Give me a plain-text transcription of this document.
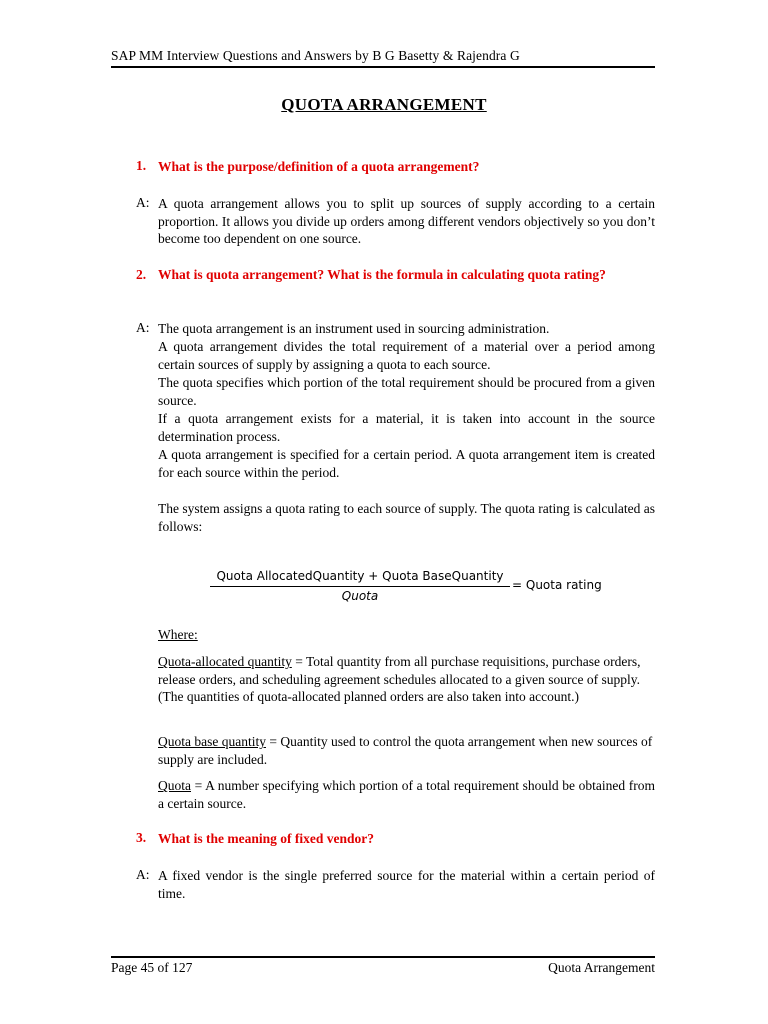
SAP MM Interview Questions and Answers by B G Basetty & Rajendra G
QUOTA ARRANGEMENT
1. What is the purpose/definition of a quota arrangement?
A: A quota arrangement allows you to split up sources of supply according to a certain proportion. It allows you divide up orders among different vendors objectively so you don’t become too dependent on one source.

2. What is quota arrangement? What is the formula in calculating quota rating?
A: The quota arrangement is an instrument used in sourcing administration.

A quota arrangement divides the total requirement of a material over a period among certain sources of supply by assigning a quota to each source.

The quota specifies which portion of the total requirement should be procured from a given source.

If a quota arrangement exists for a material, it is taken into account in the source determination process.

A quota arrangement is specified for a certain period. A quota arrangement item is created for each source within the period.

The system assigns a quota rating to each source of supply. The quota rating is calculated as follows:

Quota AllocatedQuantity + Quota BaseQuantity
Quota
= Quota rating

Where:

Quota-allocated quantity = Total quantity from all purchase requisitions, purchase orders, release orders, and scheduling agreement schedules allocated to a given source of supply. (The quantities of quota-allocated planned orders are also taken into account.)

Quota base quantity = Quantity used to control the quota arrangement when new sources of supply are included.

Quota = A number specifying which portion of a total requirement should be obtained from a certain source.

3. What is the meaning of fixed vendor?
A: A fixed vendor is the single preferred source for the material within a certain period of time.

Page 45 of 127	Quota Arrangement
